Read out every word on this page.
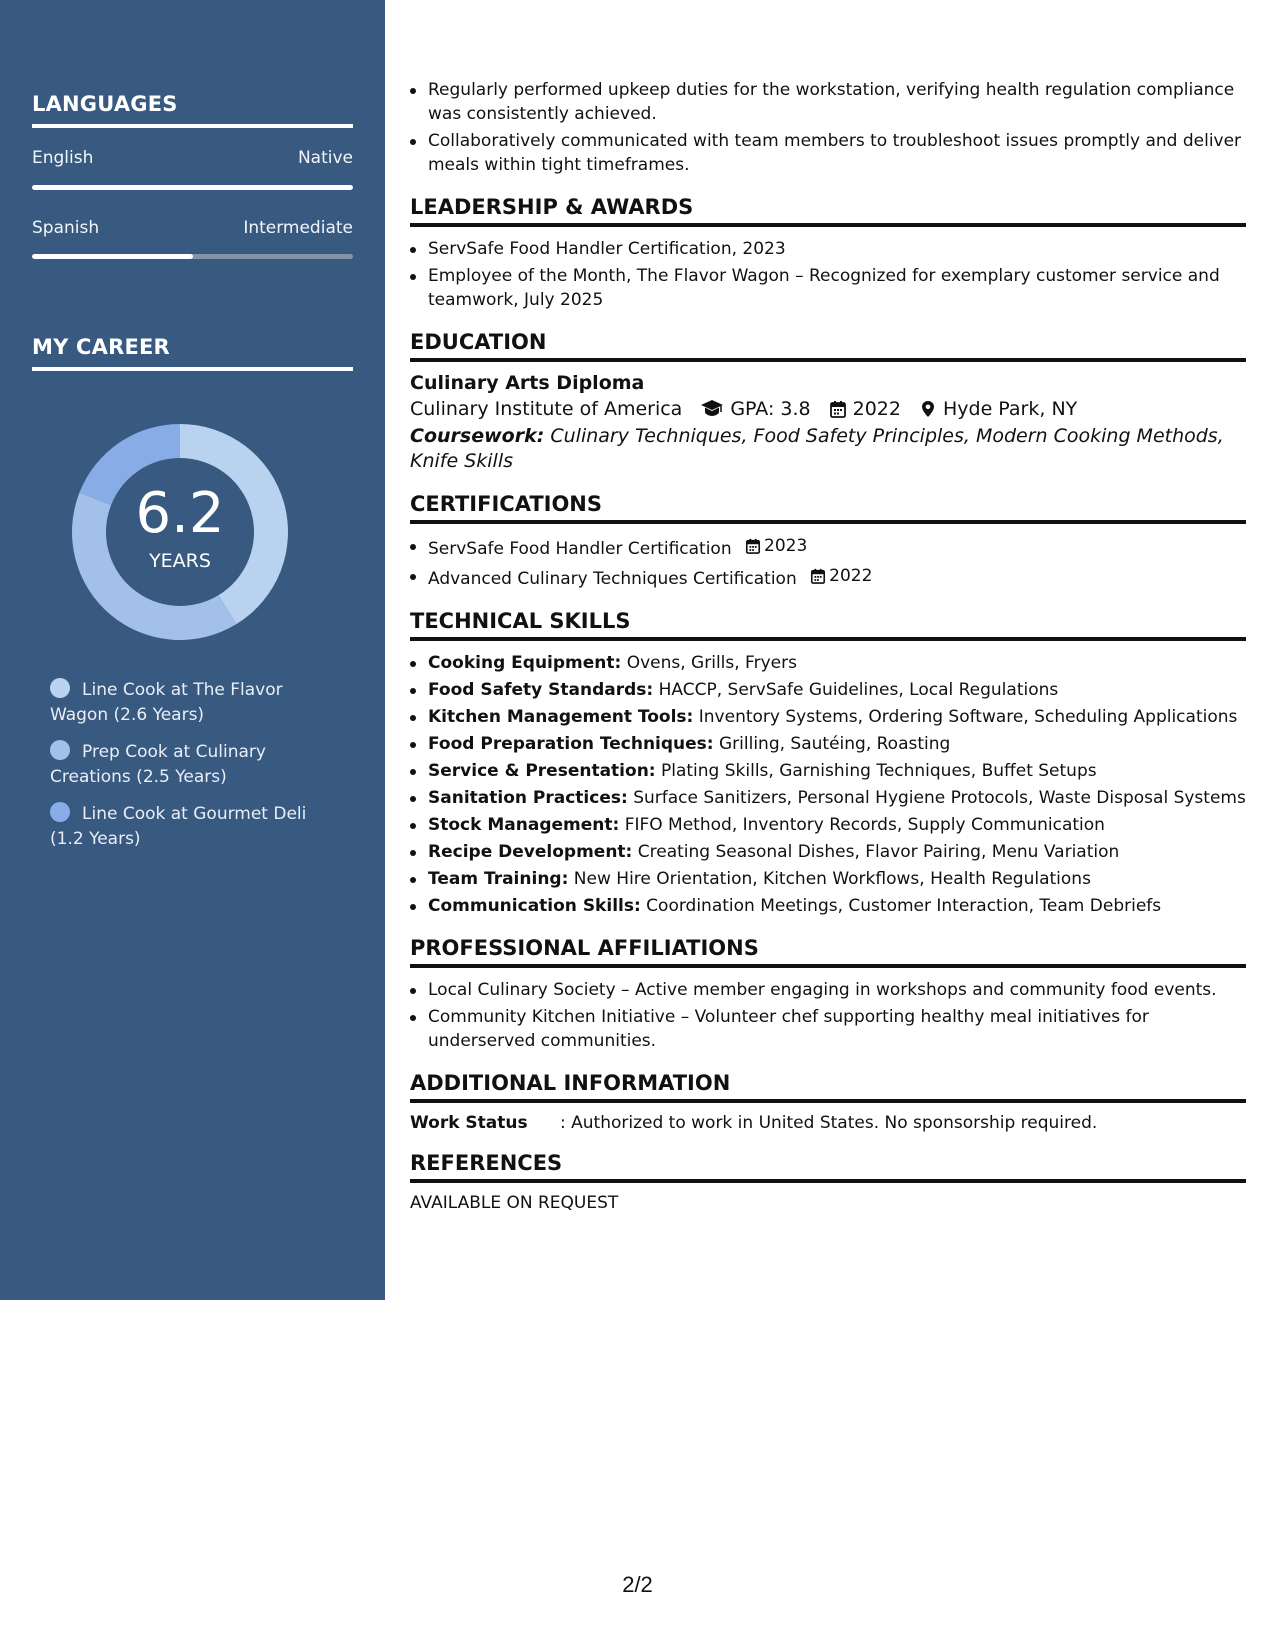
LANGUAGES
English	Native
Spanish	Intermediate
MY CAREER
6.2
YEARS
Line Cook at The Flavor Wagon (2.6 Years)
Prep Cook at Culinary Creations (2.5 Years)
Line Cook at Gourmet Deli (1.2 Years)
Regularly performed upkeep duties for the workstation, verifying health regulation compliance was consistently achieved.
Collaboratively communicated with team members to troubleshoot issues promptly and deliver meals within tight timeframes.
LEADERSHIP & AWARDS
ServSafe Food Handler Certification, 2023
Employee of the Month, The Flavor Wagon – Recognized for exemplary customer service and teamwork, July 2025
EDUCATION
Culinary Arts Diploma
Culinary Institute of America	GPA: 3.8 2022 Hyde Park, NY
Coursework: Culinary Techniques, Food Safety Principles, Modern Cooking Methods, Knife Skills
CERTIFICATIONS
ServSafe Food Handler Certification 2023
Advanced Culinary Techniques Certification 2022
TECHNICAL SKILLS
Cooking Equipment: Ovens, Grills, Fryers
Food Safety Standards: HACCP, ServSafe Guidelines, Local Regulations
Kitchen Management Tools: Inventory Systems, Ordering Software, Scheduling Applications
Food Preparation Techniques: Grilling, Sautéing, Roasting
Service & Presentation: Plating Skills, Garnishing Techniques, Buffet Setups
Sanitation Practices: Surface Sanitizers, Personal Hygiene Protocols, Waste Disposal Systems
Stock Management: FIFO Method, Inventory Records, Supply Communication
Recipe Development: Creating Seasonal Dishes, Flavor Pairing, Menu Variation
Team Training: New Hire Orientation, Kitchen Workflows, Health Regulations
Communication Skills: Coordination Meetings, Customer Interaction, Team Debriefs
PROFESSIONAL AFFILIATIONS
Local Culinary Society – Active member engaging in workshops and community food events.
Community Kitchen Initiative – Volunteer chef supporting healthy meal initiatives for underserved communities.
ADDITIONAL INFORMATION
Work Status	: Authorized to work in United States. No sponsorship required.
REFERENCES
AVAILABLE ON REQUEST
2/2
